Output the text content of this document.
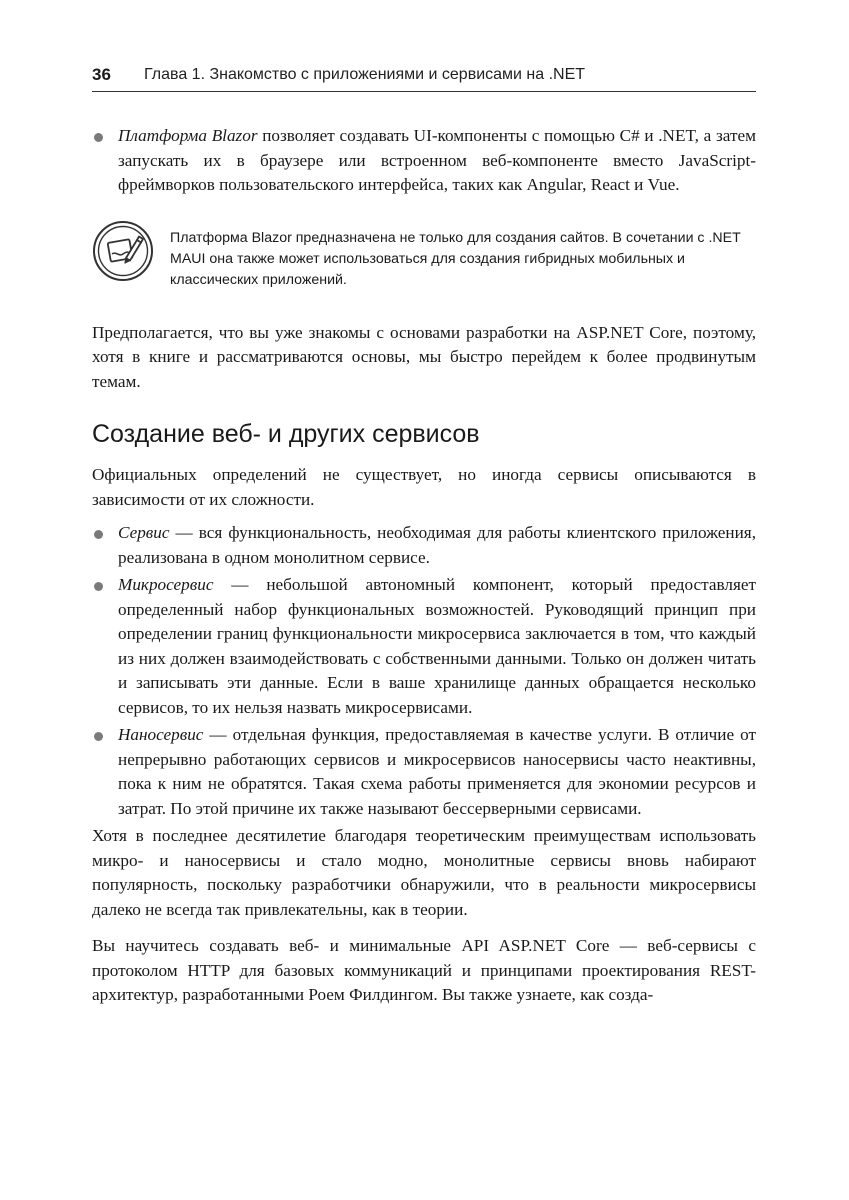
36	Глава 1. Знакомство с приложениями и сервисами на .NET
Платформа Blazor позволяет создавать UI-компоненты с помощью C# и .NET, а затем запускать их в браузере или встроенном веб-компоненте вместо JavaScript-фреймворков пользовательского интерфейса, таких как Angular, React и Vue.
Платформа Blazor предназначена не только для создания сайтов. В сочетании с .NET MAUI она также может использоваться для создания гибридных мобильных и классических приложений.

Предполагается, что вы уже знакомы с основами разработки на ASP.NET Core, поэтому, хотя в книге и рассматриваются основы, мы быстро перейдем к более продвинутым темам.

Создание веб- и других сервисов

Официальных определений не существует, но иногда сервисы описываются в зависимости от их сложности.

Сервис — вся функциональность, необходимая для работы клиентского приложения, реализована в одном монолитном сервисе.
Микросервис — небольшой автономный компонент, который предоставляет определенный набор функциональных возможностей. Руководящий принцип при определении границ функциональности микросервиса заключается в том, что каждый из них должен взаимодействовать с собственными данными. Только он должен читать и записывать эти данные. Если в ваше хранилище данных обращается несколько сервисов, то их нельзя назвать микросервисами.
Наносервис — отдельная функция, предоставляемая в качестве услуги. В отличие от непрерывно работающих сервисов и микросервисов наносервисы часто неактивны, пока к ним не обратятся. Такая схема работы применяется для экономии ресурсов и затрат. По этой причине их также называют бессерверными сервисами.

Хотя в последнее десятилетие благодаря теоретическим преимуществам использовать микро- и наносервисы и стало модно, монолитные сервисы вновь набирают популярность, поскольку разработчики обнаружили, что в реальности микросервисы далеко не всегда так привлекательны, как в теории.

Вы научитесь создавать веб- и минимальные API ASP.NET Core — веб-сервисы с протоколом HTTP для базовых коммуникаций и принципами проектирования REST-архитектур, разработанными Роем Филдингом. Вы также узнаете, как созда-
